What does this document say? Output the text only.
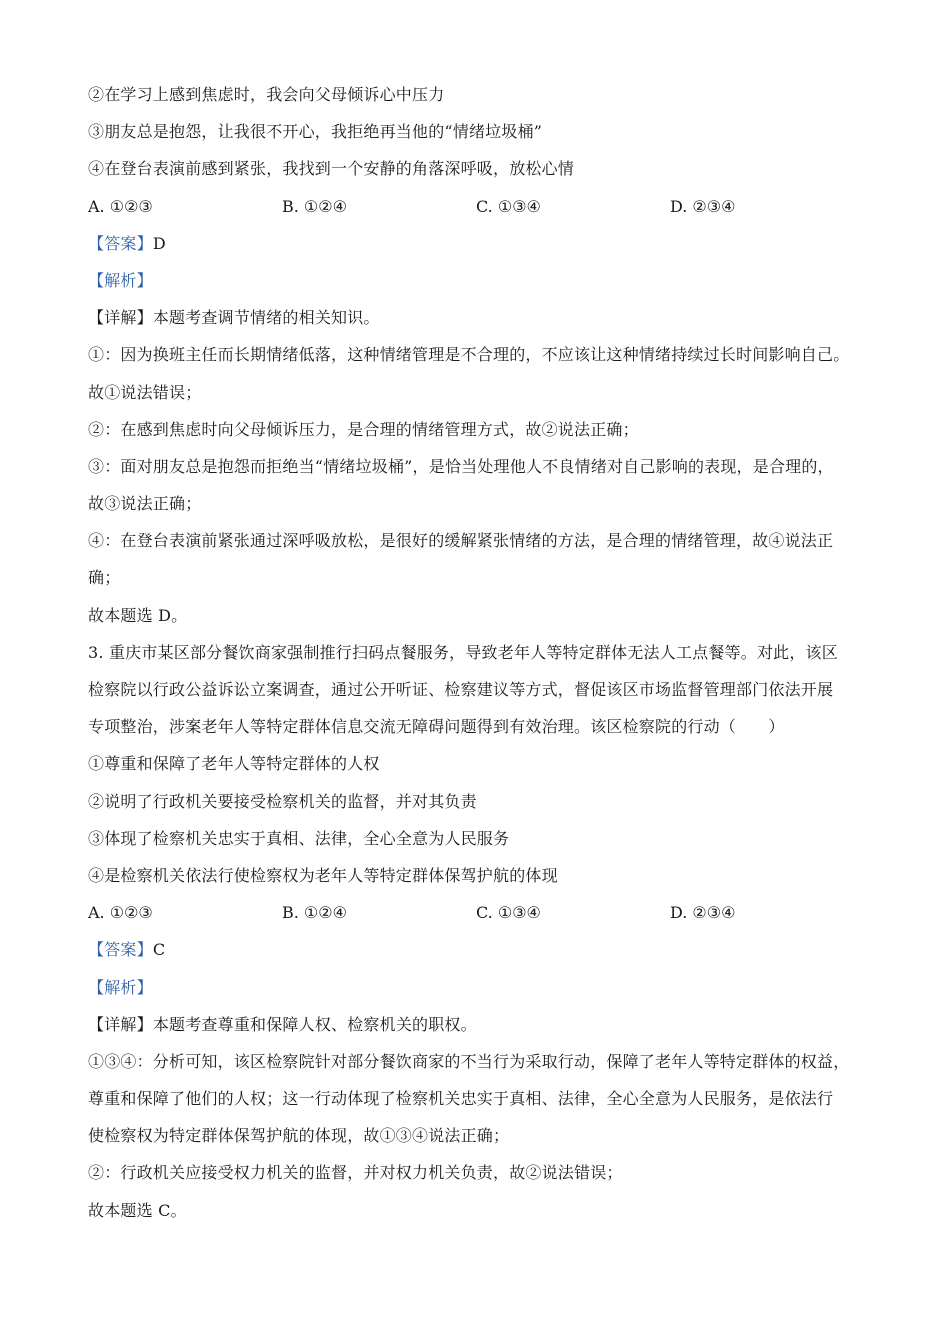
②在学习上感到焦虑时，我会向父母倾诉心中压力
③朋友总是抱怨，让我很不开心，我拒绝再当他的“情绪垃圾桶”
④在登台表演前感到紧张，我找到一个安静的角落深呼吸，放松心情
A. ①②③	B. ①②④	C. ①③④	D. ②③④
【答案】D
【解析】
【详解】本题考查调节情绪的相关知识。
①：因为换班主任而长期情绪低落，这种情绪管理是不合理的，不应该让这种情绪持续过长时间影响自己。
故①说法错误；
②：在感到焦虑时向父母倾诉压力，是合理的情绪管理方式，故②说法正确；
③：面对朋友总是抱怨而拒绝当“情绪垃圾桶”，是恰当处理他人不良情绪对自己影响的表现，是合理的，
故③说法正确；
④：在登台表演前紧张通过深呼吸放松，是很好的缓解紧张情绪的方法，是合理的情绪管理，故④说法正
确；
故本题选 D。
3. 重庆市某区部分餐饮商家强制推行扫码点餐服务，导致老年人等特定群体无法人工点餐等。对此，该区
检察院以行政公益诉讼立案调查，通过公开听证、检察建议等方式，督促该区市场监督管理部门依法开展
专项整治，涉案老年人等特定群体信息交流无障碍问题得到有效治理。该区检察院的行动（　　）
①尊重和保障了老年人等特定群体的人权
②说明了行政机关要接受检察机关的监督，并对其负责
③体现了检察机关忠实于真相、法律，全心全意为人民服务
④是检察机关依法行使检察权为老年人等特定群体保驾护航的体现
A. ①②③	B. ①②④	C. ①③④	D. ②③④
【答案】C
【解析】
【详解】本题考查尊重和保障人权、检察机关的职权。
①③④：分析可知，该区检察院针对部分餐饮商家的不当行为采取行动，保障了老年人等特定群体的权益，
尊重和保障了他们的人权；这一行动体现了检察机关忠实于真相、法律，全心全意为人民服务，是依法行
使检察权为特定群体保驾护航的体现，故①③④说法正确；
②：行政机关应接受权力机关的监督，并对权力机关负责，故②说法错误；
故本题选 C。
